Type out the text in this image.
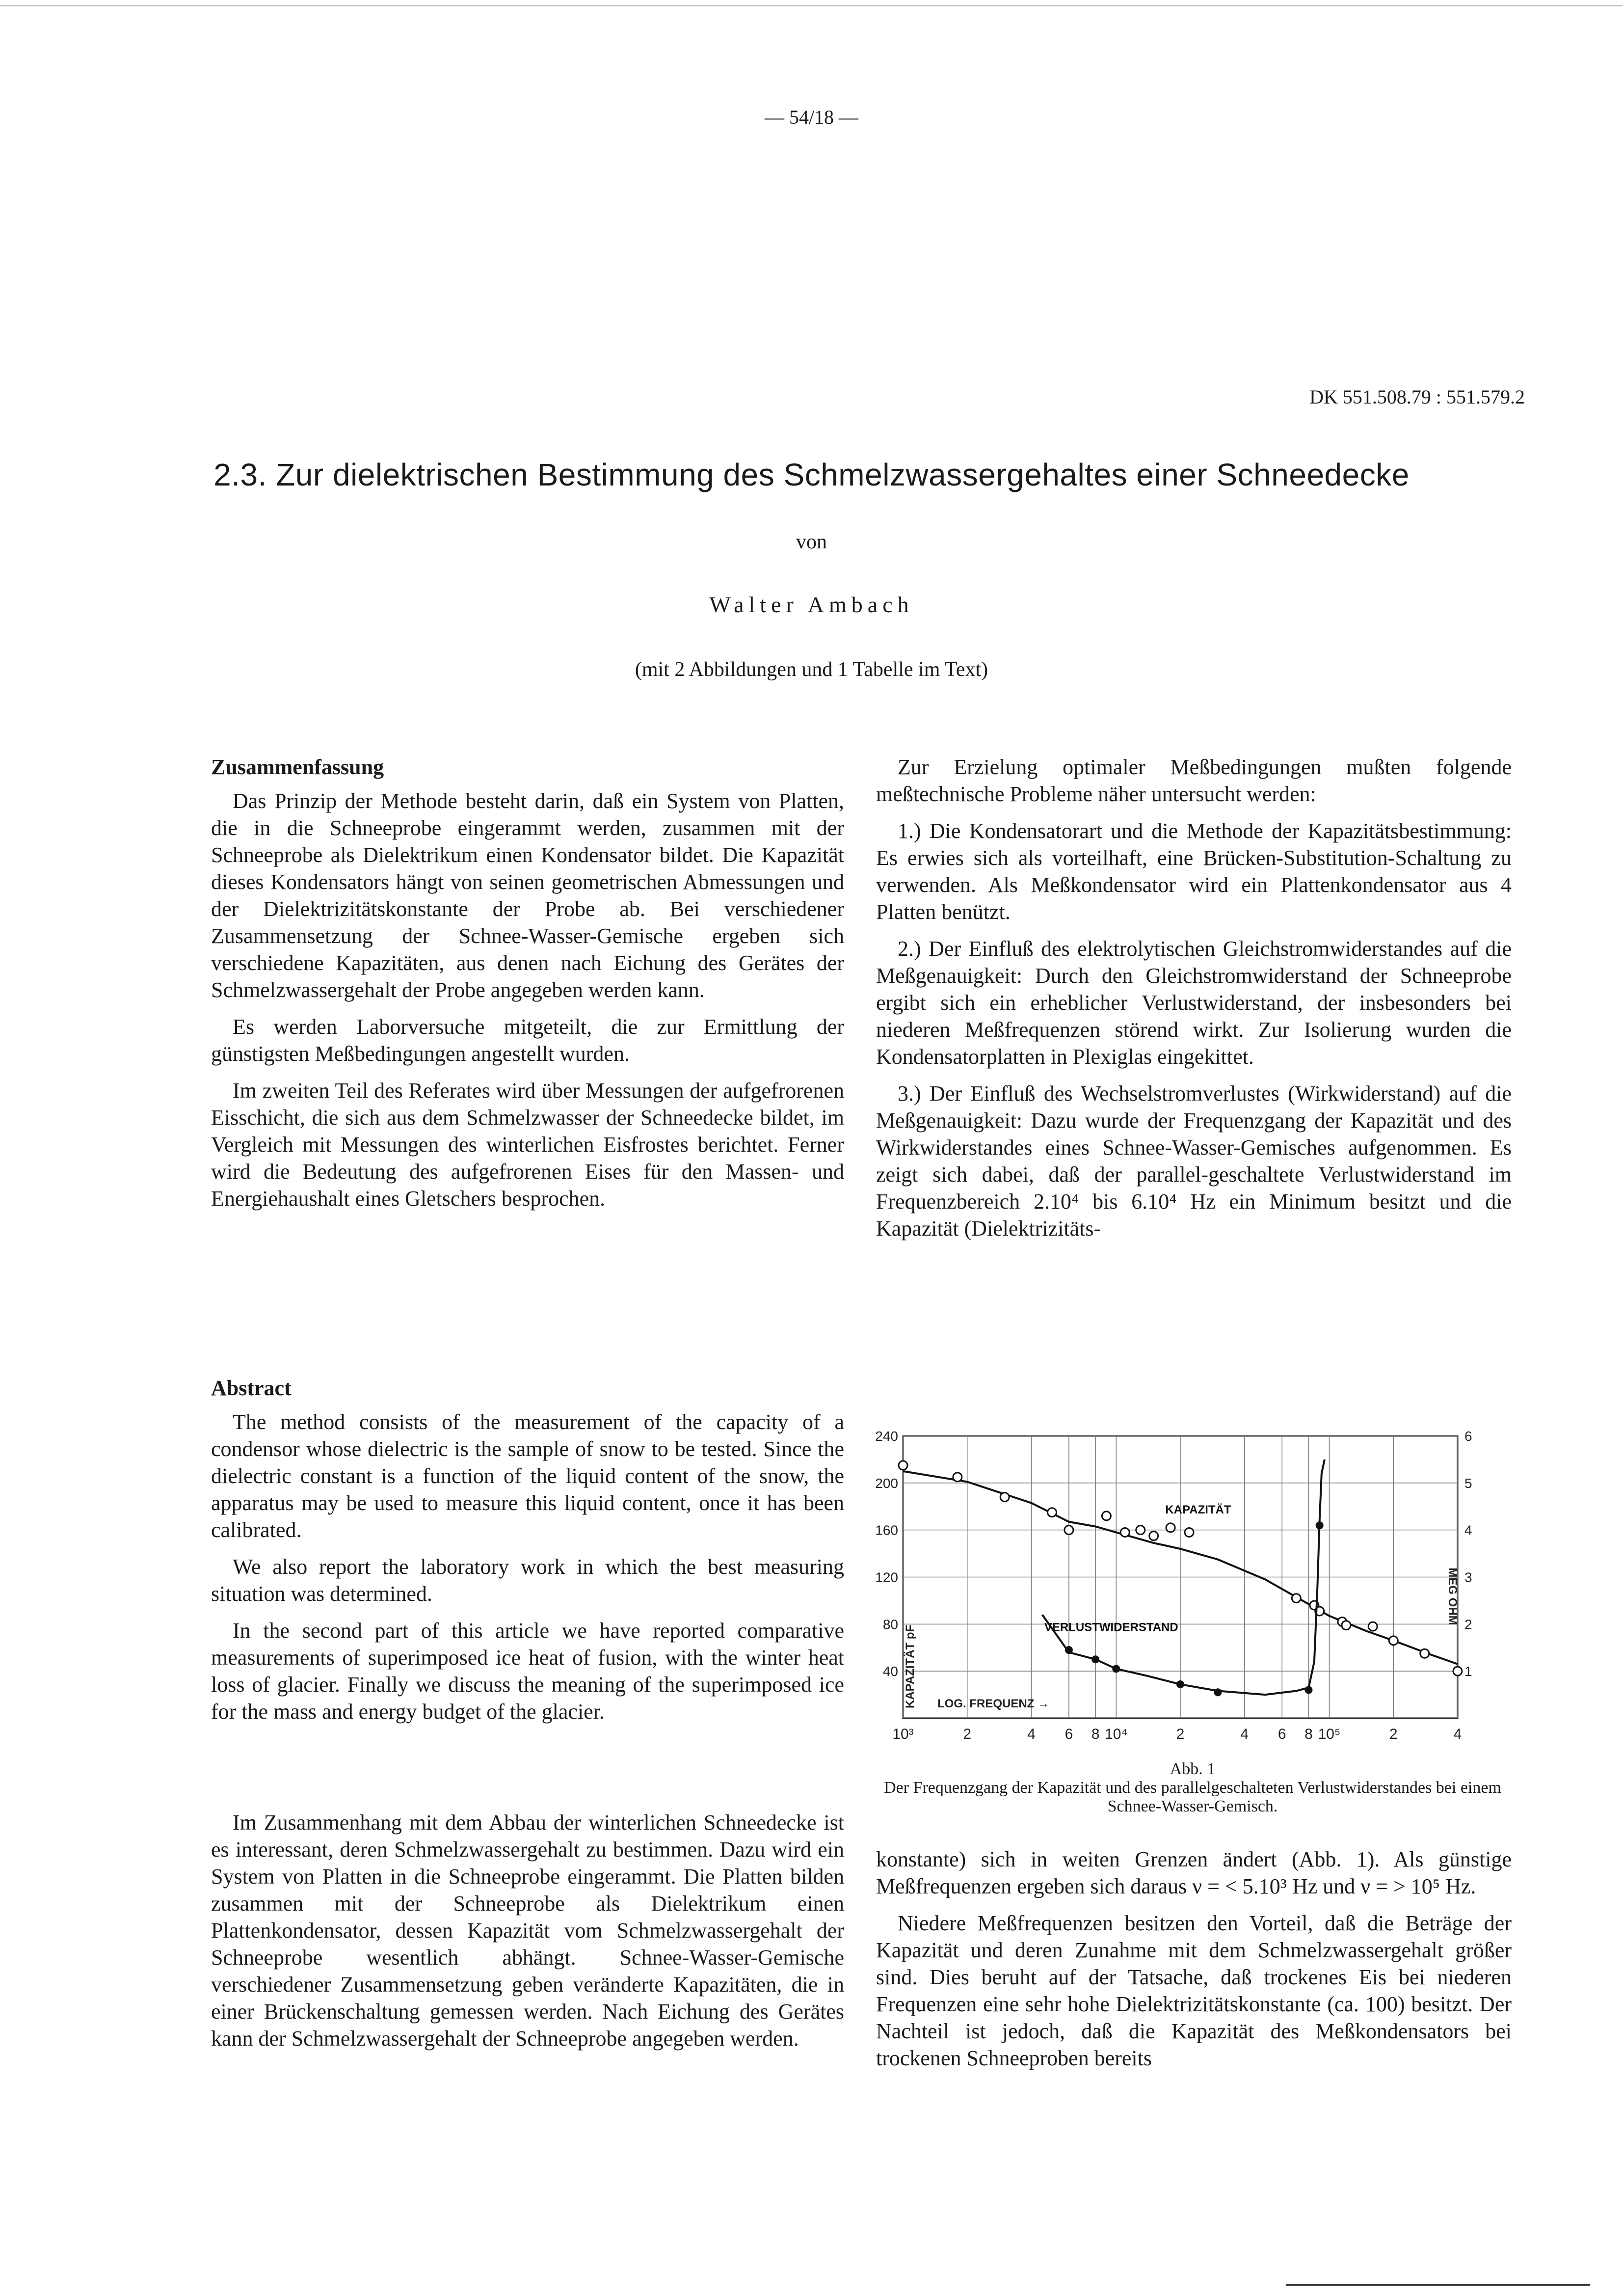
— 54/18 —
DK 551.508.79 : 551.579.2
2.3. Zur dielektrischen Bestimmung des Schmelzwassergehaltes einer Schneedecke
von
Walter Ambach
(mit 2 Abbildungen und 1 Tabelle im Text)
Zusammenfassung

Das Prinzip der Methode besteht darin, daß ein System von Platten, die in die Schneeprobe eingerammt werden, zusammen mit der Schneeprobe als Dielektrikum einen Kondensator bildet. Die Kapazität dieses Kondensators hängt von seinen geometrischen Abmessungen und der Dielektrizitätskonstante der Probe ab. Bei verschiedener Zusammensetzung der Schnee-Wasser-Gemische ergeben sich verschiedene Kapazitäten, aus denen nach Eichung des Gerätes der Schmelzwassergehalt der Probe angegeben werden kann.

Es werden Laborversuche mitgeteilt, die zur Ermittlung der günstigsten Meßbedingungen angestellt wurden.

Im zweiten Teil des Referates wird über Messungen der aufgefrorenen Eisschicht, die sich aus dem Schmelzwasser der Schneedecke bildet, im Vergleich mit Messungen des winterlichen Eisfrostes berichtet. Ferner wird die Bedeutung des aufgefrorenen Eises für den Massen- und Energiehaushalt eines Gletschers besprochen.

Abstract

The method consists of the measurement of the capacity of a condensor whose dielectric is the sample of snow to be tested. Since the dielectric constant is a function of the liquid content of the snow, the apparatus may be used to measure this liquid content, once it has been calibrated.

We also report the laboratory work in which the best measuring situation was determined.

In the second part of this article we have reported comparative measurements of superimposed ice heat of fusion, with the winter heat loss of glacier. Finally we discuss the meaning of the superimposed ice for the mass and energy budget of the glacier.

Im Zusammenhang mit dem Abbau der winterlichen Schneedecke ist es interessant, deren Schmelzwassergehalt zu bestimmen. Dazu wird ein System von Platten in die Schneeprobe eingerammt. Die Platten bilden zusammen mit der Schneeprobe als Dielektrikum einen Plattenkondensator, dessen Kapazität vom Schmelzwassergehalt der Schneeprobe wesentlich abhängt. Schnee-Wasser-Gemische verschiedener Zusammensetzung geben veränderte Kapazitäten, die in einer Brückenschaltung gemessen werden. Nach Eichung des Gerätes kann der Schmelzwassergehalt der Schneeprobe angegeben werden.

Zur Erzielung optimaler Meßbedingungen mußten folgende meßtechnische Probleme näher untersucht werden:

1.) Die Kondensatorart und die Methode der Kapazitätsbestimmung: Es erwies sich als vorteilhaft, eine Brücken-Substitution-Schaltung zu verwenden. Als Meßkondensator wird ein Plattenkondensator aus 4 Platten benützt.

2.) Der Einfluß des elektrolytischen Gleichstromwiderstandes auf die Meßgenauigkeit: Durch den Gleichstromwiderstand der Schneeprobe ergibt sich ein erheblicher Verlustwiderstand, der insbesonders bei niederen Meßfrequenzen störend wirkt. Zur Isolierung wurden die Kondensatorplatten in Plexiglas eingekittet.

3.) Der Einfluß des Wechselstromverlustes (Wirkwiderstand) auf die Meßgenauigkeit: Dazu wurde der Frequenzgang der Kapazität und des Wirkwiderstandes eines Schnee-Wasser-Gemisches aufgenommen. Es zeigt sich dabei, daß der parallel-geschaltete Verlustwiderstand im Frequenzbereich 2.10⁴ bis 6.10⁴ Hz ein Minimum besitzt und die Kapazität (Dielektrizitäts-

10³	2	4 6 8 10⁴	2	4 6 8 10⁵	2	4
40
80
120
160
200
240
1
2
3
4
5
6
KAPAZITÄT pF
MEG OHM
LOG. FREQUENZ →
KAPAZITÄT
VERLUSTWIDERSTAND
Abb. 1
Der Frequenzgang der Kapazität und des parallelgeschalteten Verlustwiderstandes bei einem Schnee-Wasser-Gemisch.

konstante) sich in weiten Grenzen ändert (Abb. 1). Als günstige Meßfrequenzen ergeben sich daraus ν = < 5.10³ Hz und ν = > 10⁵ Hz.

Niedere Meßfrequenzen besitzen den Vorteil, daß die Beträge der Kapazität und deren Zunahme mit dem Schmelzwassergehalt größer sind. Dies beruht auf der Tatsache, daß trockenes Eis bei niederen Frequenzen eine sehr hohe Dielektrizitätskonstante (ca. 100) besitzt. Der Nachteil ist jedoch, daß die Kapazität des Meßkondensators bei trockenen Schneeproben bereits
